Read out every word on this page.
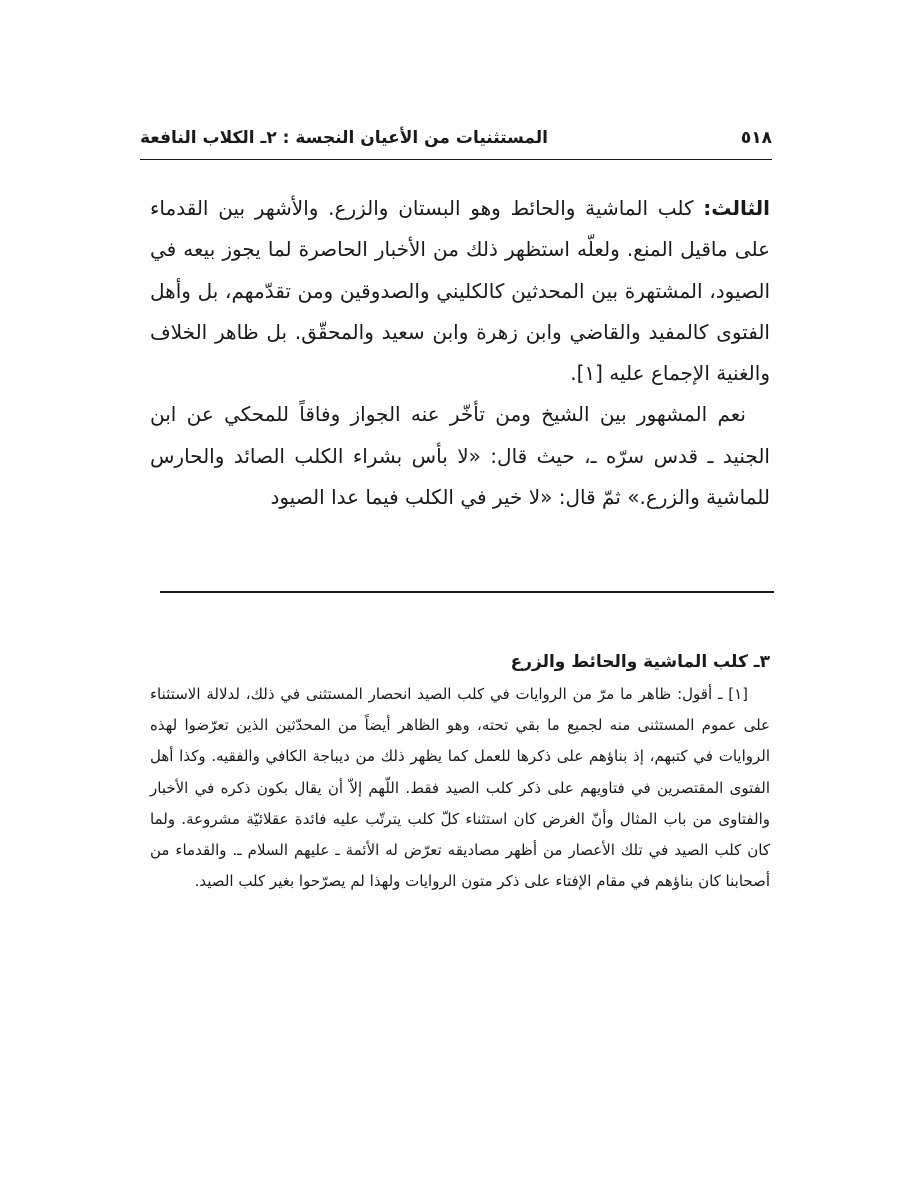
٥١٨
المستثنيات من الأعيان النجسة : ٢ـ الكلاب النافعة

الثالث: كلب الماشية والحائط وهو البستان والزرع. والأشهر بين القدماء على ماقيل المنع. ولعلّه استظهر ذلك من الأخبار الحاصرة لما يجوز بيعه في الصيود، المشتهرة بين المحدثين كالكليني والصدوقين ومن تقدّمهم، بل وأهل الفتوى كالمفيد والقاضي وابن زهرة وابن سعيد والمحقّق. بل ظاهر الخلاف والغنية الإجماع عليه [١].

نعم المشهور بين الشيخ ومن تأخّر عنه الجواز وفاقاً للمحكي عن ابن الجنيد ـ قدس سرّه ـ، حيث قال: «لا بأس بشراء الكلب الصائد والحارس للماشية والزرع.» ثمّ قال: «لا خير في الكلب فيما عدا الصيود

٣ـ كلب الماشية والحائط والزرع

[١] ـ أقول: ظاهر ما مرّ من الروايات في كلب الصيد انحصار المستثنى في ذلك، لدلالة الاستثناء على عموم المستثنى منه لجميع ما بقي تحته، وهو الظاهر أيضاً من المحدّثين الذين تعرّضوا لهذه الروايات في كتبهم، إذ بناؤهم على ذكرها للعمل كما يظهر ذلك من ديباجة الكافي والفقيه. وكذا أهل الفتوى المقتصرين في فتاويهم على ذكر كلب الصيد فقط. اللّهم إلاّ أن يقال بكون ذكره في الأخبار والفتاوى من باب المثال وأنّ الغرض كان استثناء كلّ كلب يترتّب عليه فائدة عقلائيّة مشروعة. ولما كان كلب الصيد في تلك الأعصار من أظهر مصاديقه تعرّض له الأئمة ـ عليهم السلام ـ. والقدماء من أصحابنا كان بناؤهم في مقام الإفتاء على ذكر متون الروايات ولهذا لم يصرّحوا بغير كلب الصيد.
